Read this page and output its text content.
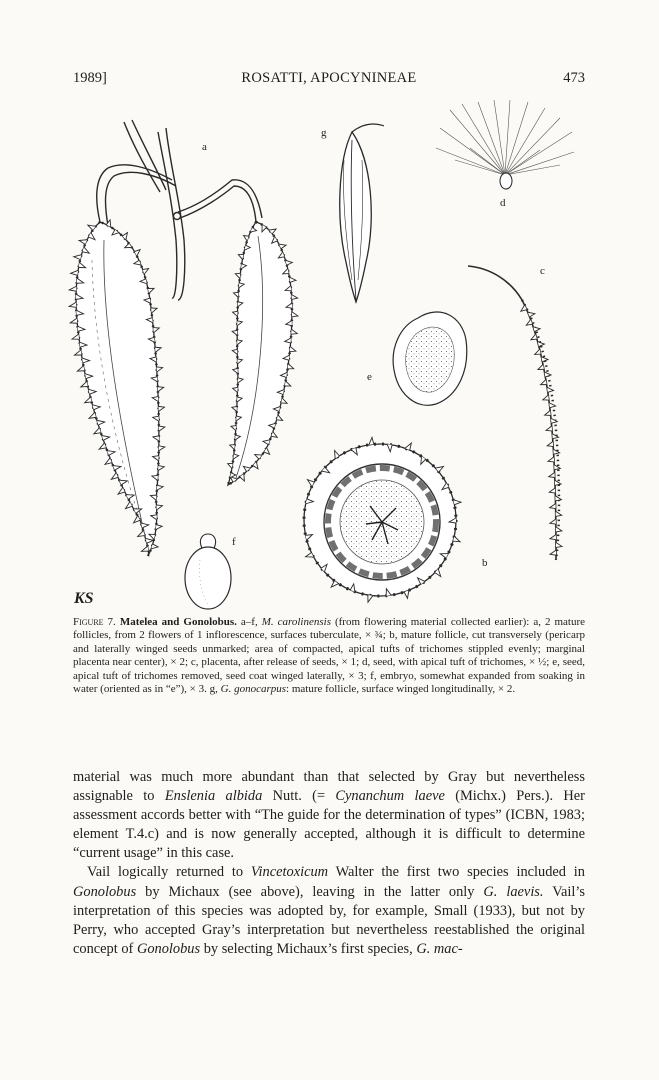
1989]	ROSATTI, APOCYNINEAE	473
a
g
d
c
e
b
f
KS
Figure 7. Matelea and Gonolobus. a–f, M. carolinensis (from flowering material collected earlier): a, 2 mature follicles, from 2 flowers of 1 inflorescence, surfaces tuberculate, × ¾; b, mature follicle, cut transversely (pericarp and laterally winged seeds unmarked; area of compacted, apical tufts of trichomes stippled evenly; marginal placenta near center), × 2; c, placenta, after release of seeds, × 1; d, seed, with apical tuft of trichomes, × ½; e, seed, apical tuft of trichomes removed, seed coat winged laterally, × 3; f, embryo, somewhat expanded from soaking in water (oriented as in “e”), × 3. g, G. gonocarpus: mature follicle, surface winged longitudinally, × 2.

material was much more abundant than that selected by Gray but nevertheless assignable to Enslenia albida Nutt. (= Cynanchum laeve (Michx.) Pers.). Her assessment accords better with “The guide for the determination of types” (ICBN, 1983; element T.4.c) and is now generally accepted, although it is difficult to determine “current usage” in this case.

Vail logically returned to Vincetoxicum Walter the first two species included in Gonolobus by Michaux (see above), leaving in the latter only G. laevis. Vail’s interpretation of this species was adopted by, for example, Small (1933), but not by Perry, who accepted Gray’s interpretation but nevertheless reestablished the original concept of Gonolobus by selecting Michaux’s first species, G. mac-
